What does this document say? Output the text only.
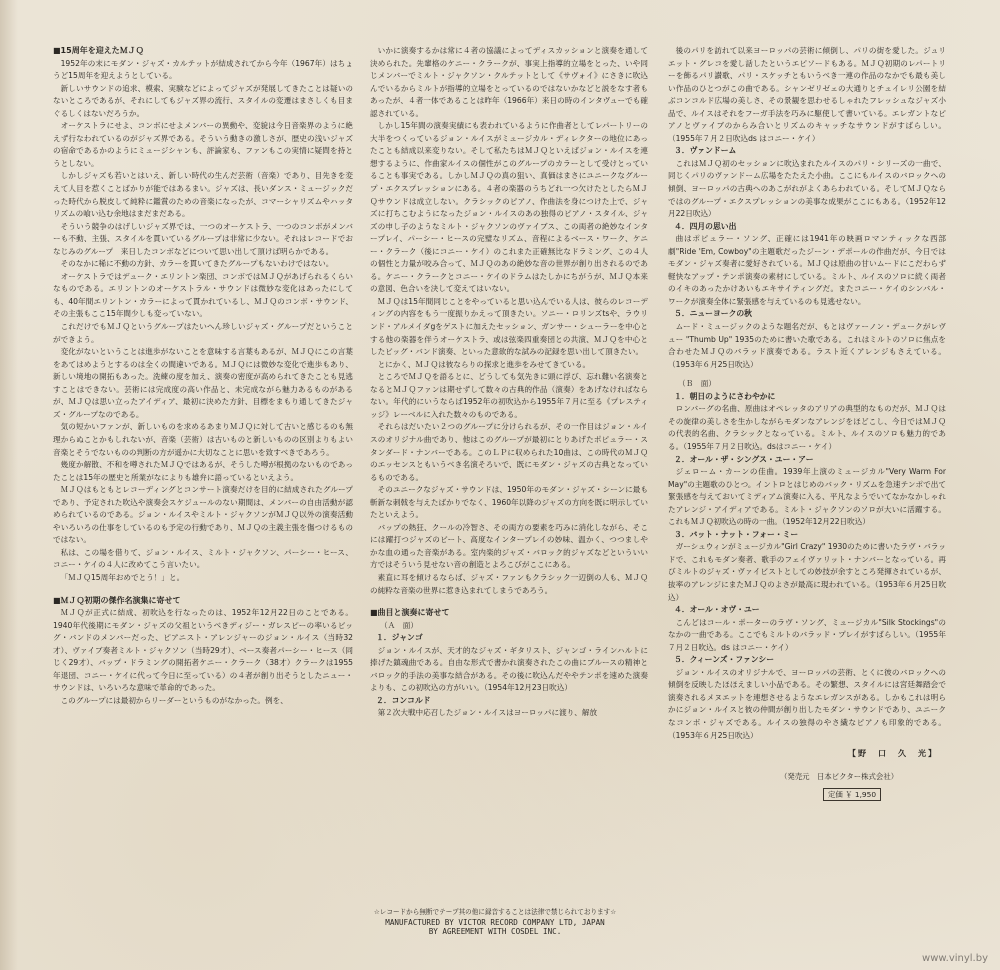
■15周年を迎えたＭＪＱ
1952年の末にモダン・ジャズ・カルテットが結成されてから今年（1967年）はちょうど15周年を迎えようとしている。
新しいサウンドの追求、模索、実験などによってジャズが発展してきたことは疑いのないところであるが、それにしてもジャズ界の流行、スタイルの変遷はまさしくも目まぐるしくはないだろうか。
オーケストラにせよ、コンボにせよメンバーの異動や、変貌は今日音楽界のように絶えず行なわれているのがジャズ界である。そういう動きの激しさが、歴史の浅いジャズの宿命であるかのようにミュージシャンも、評論家も、ファンもこの実情に疑問を持とうとしない。
しかしジャズも若いとはいえ、新しい時代の生んだ芸術（音楽）であり、目先きを変えて人目を惹くことばかりが能ではあるまい。ジャズは、長いダンス・ミュージックだった時代から脱皮して純粋に鑑賞のための音楽になったが、コマーシャリズムやハッタリズムの喰い込む余地はまだまだある。
そういう競争のはげしいジャズ界では、一つのオーケストラ、一つのコンボがメンバーも不動、主張、スタイルを貫いているグループは非常に少ない。それはレコードでおなじみのグループ　来日したコンボなどについて思い出して頂けば明らかである。
そのなかに稀に不動の方針、カラーを貫いてきたグループもないわけではない。
オーケストラではデューク・エリントン楽団、コンボではＭＪＱがあげられるくらいなものである。エリントンのオーケストラル・サウンドは微妙な変化はあったにしても、40年間エリントン・カラーによって貫かれているし、ＭＪＱのコンボ・サウンド、その主張もここ15年間少しも変っていない。
これだけでもＭＪＱというグループはたいへん珍しいジャズ・グループだということができよう。
変化がないということは進歩がないことを意味する言葉もあるが、ＭＪＱにこの言葉をあてはめようとするのは全くの間違いである。ＭＪＱには微妙な変化で進歩もあり、新しい境地の開拓もあった。洗練の度を加え、演奏の密度が高められてきたことも見逃すことはできない。芸術には完成度の高い作品と、未完成ながら魅力あるものがあるが、ＭＪＱは思い立ったアイディア、最初に決めた方針、目標をまもり通してきたジャズ・グループなのである。
気の短かいファンが、新しいものを求めるあまりＭＪＱに対して古いと感じるのも無理からぬことかもしれないが、音楽（芸術）は古いものと新しいものの区別よりもよい音楽とそうでないものの判断の方が遥かに大切なことに思いを致すべきであろう。
幾度か解散、不和を噂されたＭＪＱではあるが、そうした噂が根拠のないものであったことは15年の歴史と所業がなによりも雄弁に語っているといえよう。
ＭＪＱはもともとレコーディングとコンサート演奏だけを目的に結成されたグループであり、予定された吹込や演奏会スケジュールのない期間は、メンバーの自由活動が認められているのである。ジョン・ルイスやミルト・ジャクソンがＭＪＱ以外の演奏活動やいろいろの仕事をしているのも予定の行動であり、ＭＪＱの主義主張を傷つけるものではない。
私は、この場を借りて、ジョン・ルイス、ミルト・ジャクソン、パーシー・ヒース、コニー・ケイの４人に改めてこう言いたい。
「ＭＪＱ15周年おめでとう！」と。
■ＭＪＱ初期の傑作名演集に寄せて
ＭＪＱが正式に結成、初吹込を行なったのは、1952年12月22日のことである。1940年代後期にモダン・ジャズの父祖というべきディジー・ガレスピーの率いるビッグ・バンドのメンバーだった、ピアニスト・アレンジャーのジョン・ルイス（当時32才）、ヴァイブ奏者ミルト・ジャクソン（当時29才）、ベース奏者パーシー・ヒース（同じく29才）、バップ・ドラミングの開拓者ケニー・クラーク（38才）クラークは1955年退団、コニー・ケイに代って今日に至っている）の４者が創り出そうとしたニュー・サウンドは、いろいろな意味で革命的であった。
このグループには最初からリーダーというものがなかった。例を、
いかに演奏するかは常に４者の協議によってディスカッションと演奏を通して決められた。先輩格のケニー・クラークが、事実上指導的立場をとった、いや同じメンバーでミルト・ジャクソン・クルテットとして《サヴォイ》にさきに吹込んでいるからミルトが指導的立場をとっているのではないかなどと説をなす者もあったが、４者一体であることは昨年（1966年）来日の時のインタヴューでも確認されている。
しかし15年間の演奏実績にも表われているように作曲者としてレパートリーの大半をつくっているジョン・ルイスがミュージカル・ディレクターの地位にあったことも結成以来変りない。そして私たちはＭＪＱといえばジョン・ルイスを連想するように、作曲家ルイスの個性がこのグループのカラーとして受けとっていることも事実である。しかしＭＪＱの真の狙い、真価はまさにユニークなグループ・エクスプレッションにある。４者の楽器のうちどれ一つ欠けたとしたらＭＪＱサウンドは成立しない。クラシックのピアノ、作曲法を身につけた上で、ジャズに打ちこむようになったジョン・ルイスのあの独得のピアノ・スタイル、ジャズの申し子のようなミルト・ジャクソンのヴァイブス、この両者の絶妙なインタープレイ、パーシー・ヒースの完璧なリズム、音程によるベース・ワーク、ケニー・クラーク（後にコニー・ケイ）のこれまた正確無比なドラミング、この４人の個性と力量が咬み合って、ＭＪＱのあの絶妙な音の世界が創り出されるのである。ケニー・クラークとコニー・ケイのドラムはたしかにちがうが、ＭＪＱ本来の意図、色合いを決して変えてはいない。
ＭＪＱは15年間同じことをやっていると思い込んでいる人は、彼らのレコーディングの内容をもう一度振りかえって頂きたい。ソニー・ロリンズtsや、ラウリンド・アルメイダgをゲストに加えたセッション、ガンサー・シューラーを中心とする他の楽器を伴うオーケストラ、或は弦楽四重奏団との共演、ＭＪＱを中心としたビッグ・バンド演奏、といった意欲的な試みの記録を思い出して頂きたい。
とにかく、ＭＪＱは彼ならりの探求と進歩をみせてきている。
ところでＭＪＱを語るとに、どうしても気先きに頭に浮び、忘れ難い名演奏となるとＭＪＱファンは期せずして数々の古典的作品（演奏）をあげなければならない。年代的にいうならば1952年の初吹込から1955年７月に至る《プレスティッジ》レーベルに入れた数々のものである。
それらはだいたい２つのグループに分けられるが、その一作目はジョン・ルイスのオリジナル曲であり、他はこのグループが最初にとりあげたポピュラー・スタンダード・ナンバーである。このＬＰに収められた10曲は、この時代のＭＪＱのエッセンスともいうべき名演そろいで、既にモダン・ジャズの古典となっているものである。
そのユニークなジャズ・サウンドは、1950年のモダン・ジャズ・シーンに最も斬新な刺戟を与えたばかりでなく、1960年以降のジャズの方向を既に明示していたといえよう。
バップの熱狂、クールの冷智さ、その両方の要素を巧みに消化しながら、そこには躍打つジャズのビート、高度なインタープレイの妙味、温かく、つつましやかな血の通った音楽がある。室内楽的ジャズ・バロック的ジャズなどといういい方ではそういう見せない音の創造とよろこびがここにある。
素直に耳を傾けるならば、ジャズ・ファンもクラシック一辺倒の人も、ＭＪＱの純粋な音楽の世界に惹き込まれてしまうであろう。
■曲目と演奏に寄せて
（Ａ　面）
１．ジャンゴ
ジョン・ルイスが、天才的なジャズ・ギタリスト、ジャンゴ・ラインハルトに捧げた鎮魂曲である。自由な形式で書かれ演奏されたこの曲にブルースの精神とバロック的手法の美事な結合がある。その後に吹込んだややテンポを速めた演奏よりも、この初吹込の方がいい。（1954年12月23日吹込）
２．コンコルド
第２次大戦中応召したジョン・ルイスはヨーロッパに渡り、解放
後のパリを訪れて以来ヨーロッパの芸術に傾倒し、パリの街を愛した。ジュリエット・グレコを愛し話したというエピソードもある。ＭＪＱ初期のレパートリーを飾るパリ讃歌、パリ・スケッチともいうべき一連の作品のなかでも最も美しい作品のひとつがこの曲である。シャンゼリゼェの大通りとチュイレリ公園を結ぶコンコルド広場の美しさ、その景観を思わせるしゃれたフレッシュなジャズ小品で、ルイスはそれをフーガ手法を巧みに駆使して書いている。エレガントなピアノとヴァイブのからみ合いとリズムのキャッチなサウンドがすばらしい。（1955年７月２日吹込ds はコニー・ケイ）
３．ヴァンドーム
これはＭＪＱ初のセッションに吹込まれたルイスのパリ・シリーズの一曲で、同じくパリのヴァンドーム広場をたたえた小曲。ここにもルイスのバロックへの傾倒、ヨーロッパの古典へのあこがれがよくあらわれている。そしてＭＪＱならではのグループ・エクスプレッションの美事な成果がここにもある。（1952年12月22日吹込）
４．四月の思い出
曲はポピュラー・ソング、正確には1941年の映画ロマンティックな西部劇"Ride 'Em, Cowboy"の主題歌だったジーン・デポールの作曲だが、今日ではモダン・ジャズ奏者に愛好されている。ＭＪＱは原曲の甘いムードにこだわらず軽快なアップ・テンポ演奏の素材にしている。ミルト、ルイスのソロに続く両者のイキのあったかけあいもエキサイティングだ。またコニー・ケイのシンバル・ワークが演奏全体に緊張感を与えているのも見逃せない。
５．ニューヨークの秋
ムード・ミュージックのような題名だが、もとはヴァーノン・デュークがレヴュー "Thumb Up" 1935のために書いた歌である。これはミルトのソロに焦点を合わせたＭＪＱのバラッド演奏である。ラスト近くアレンジもさえている。（1953年６月25日吹込）
（Ｂ　面）
１．朝日のようにさわやかに
ロンバーグの名曲、原曲はオペレッタのアリアの典型的なものだが、ＭＪＱはその旋律の美しさを生かしながらモダンなアレンジをほどこし、今日ではＭＪＱの代表的名曲、クラシックとなっている。ミルト、ルイスのソロも魅力的である。（1955年７月２日吹込。dsはコニー・ケイ）
２．オール・ザ・シングス・ユー・アー
ジェローム・カーンの佳曲。1939年上演のミュージカル"Very Warm For May"の主題歌のひとつ。イントロとはじめのバック・リズムを急速テンポで出て緊張感を与えておいてミディアム演奏に入る、平凡なようでいてなかなかしゃれたアレンジ・アイディアである。ミルト・ジャクソンのソロが大いに活躍する。これもＭＪＱ初吹込の時の一曲。（1952年12月22日吹込）
３．バット・ナット・フォー・ミー
ガーシュウィンがミュージカル"Girl Crazy" 1930のために書いたラヴ・バラッドで、これもモダン奏者、歌手のフェイヴァリット・ナンバーとなっている。再びミルトのジャズ・ヴァイビストとしての妙技が余すところ発揮されているが、抜率のアレンジにまたＭＪＱのよさが最高に現われている。（1953年６月25日吹込）
４．オール・オヴ・ユー
こんどはコール・ポーターのラヴ・ソング、ミュージカル"Silk Stockings"のなかの一曲である。ここでもミルトのバラッド・プレイがすばらしい。（1955年７月２日吹込。ds はコニー・ケイ）
５．クィーンズ・ファンシー
ジョン・ルイスのオリジナルで、ヨーロッパの芸術、とくに彼のバロックへの傾倒を反映したほほえましい小品である。その繁想、スタイルには宮廷舞踏会で演奏されるメヌエットを連想させるようなエレガンスがある。しかもこれは明らかにジョン・ルイスと彼の仲間が創り出したモダン・サウンドであり、ユニークなコンボ・ジャズである。ルイスの独得のやさ繊なピアノも印象的である。（1953年６月25日吹込）
【野　口　久　光】
（発売元　日本ビクター株式会社）
定価 ￥ 1,950
☆レコードから無断でテープ其の他に録音することは法律で禁じられております☆
MANUFACTURED BY VICTOR RECORD COMPANY LTD, JAPAN
BY AGREEMENT WITH COSDEL INC.
www.vinyl.by
